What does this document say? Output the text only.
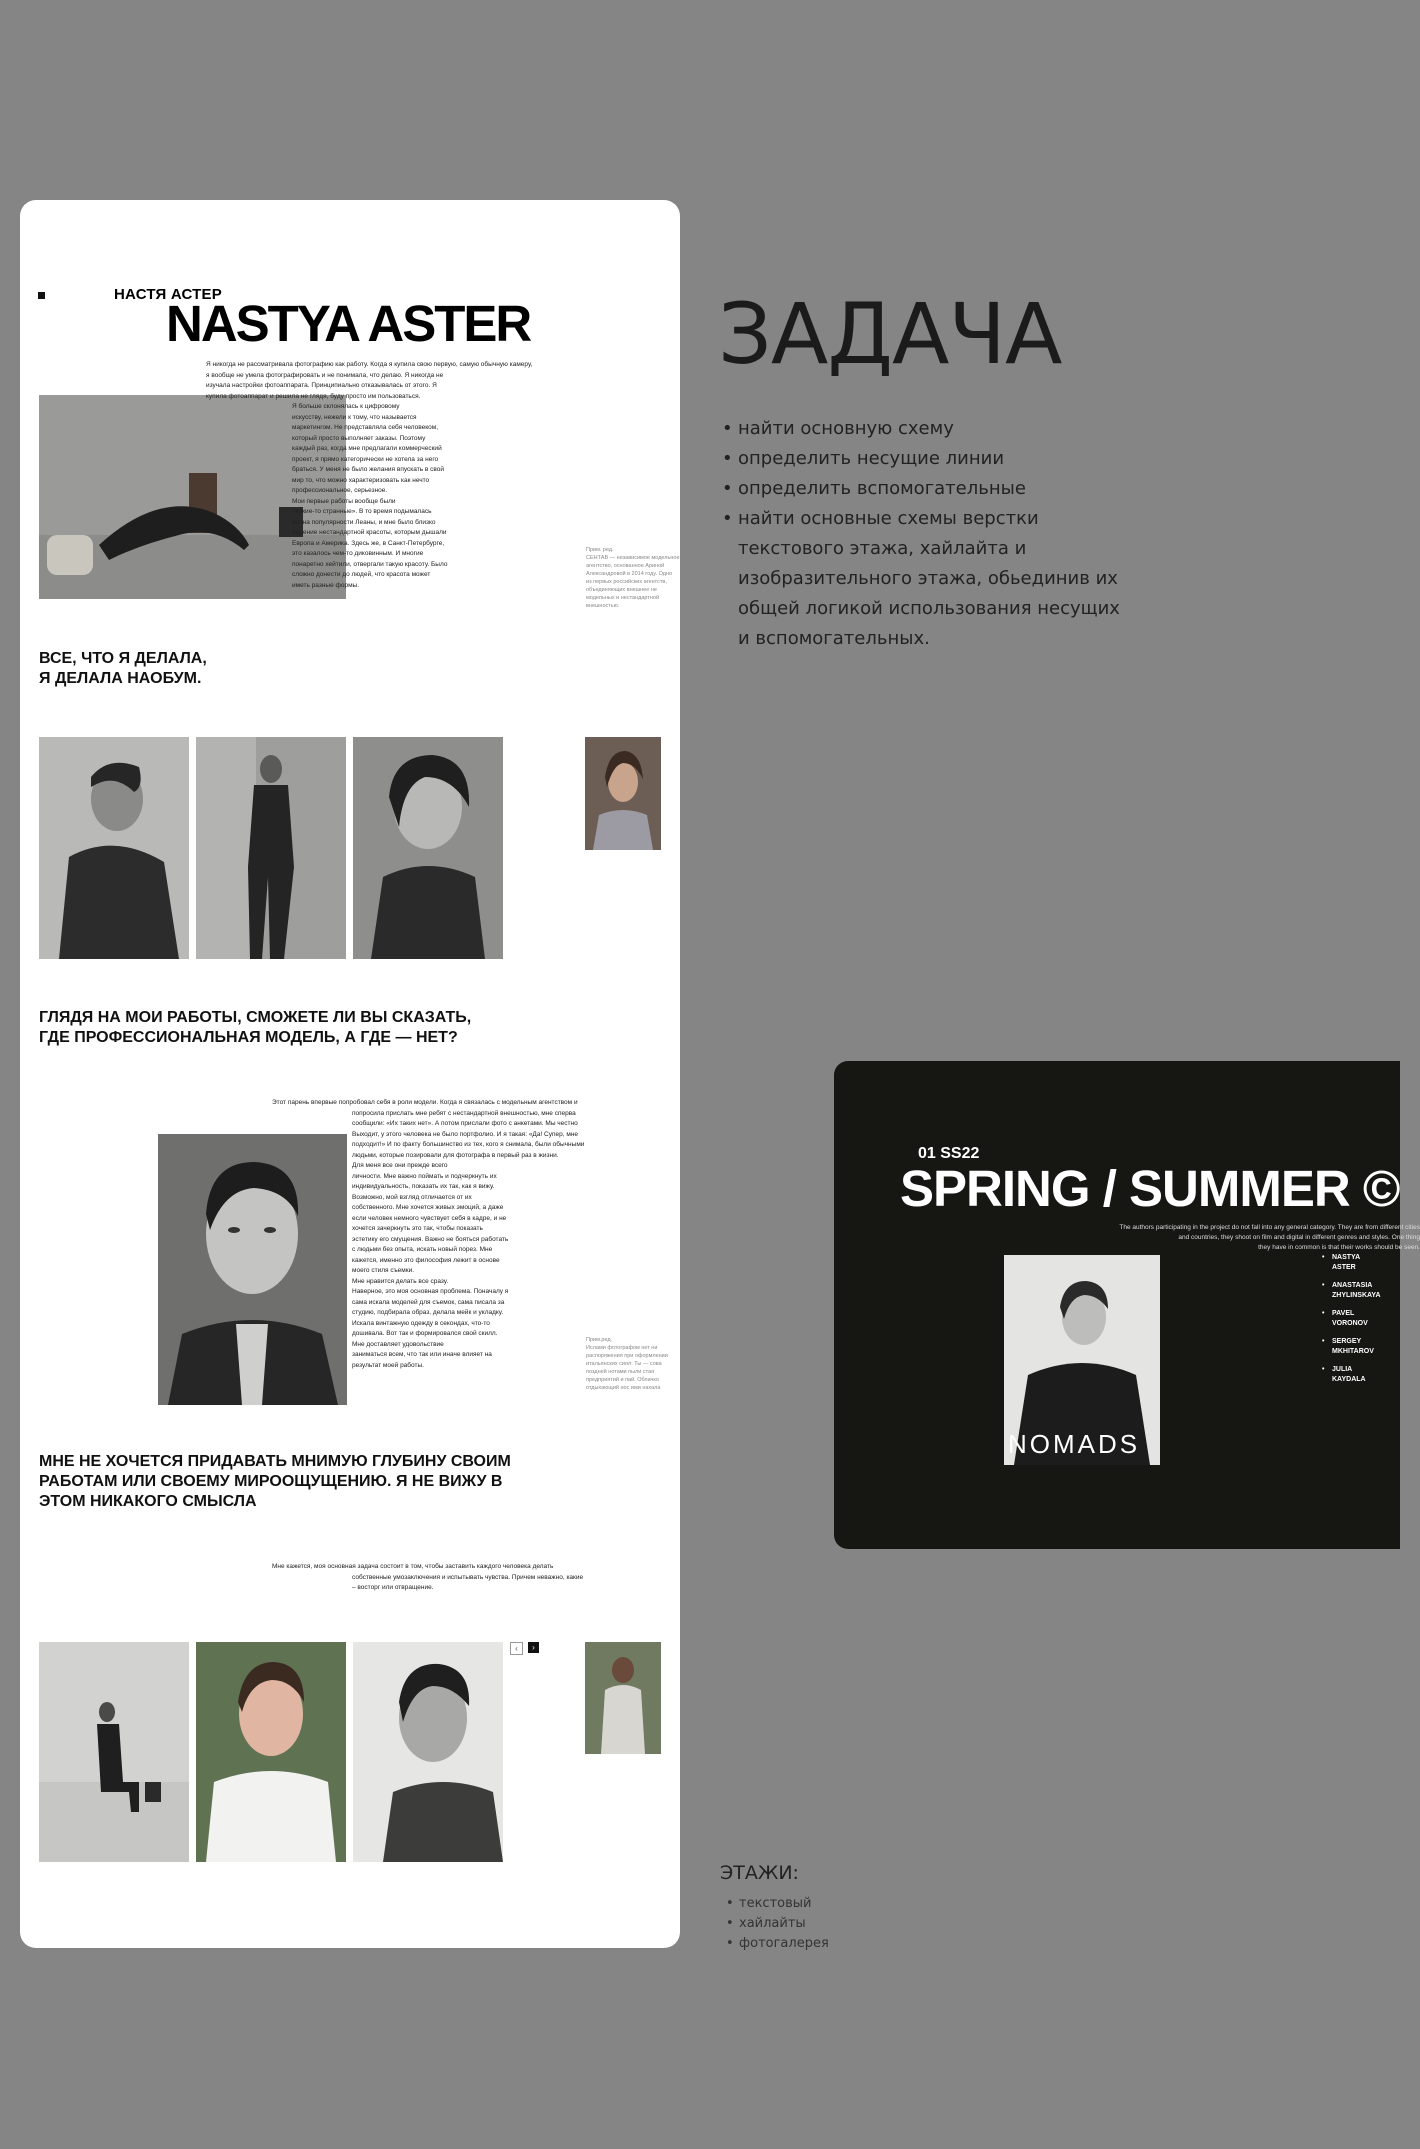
НАСТЯ АСТЕР
NASTYA ASTER
Я никогда не рассматривала фотографию как работу. Когда я купила свою первую, самую обычную камеру,
я вообще не умела фотографировать и не понимала, что делаю. Я никогда не
изучала настройки фотоаппарата. Принципиально отказывалась от этого. Я
купила фотоаппарат и решила не глядя, буду просто им пользоваться.
Я больше склонялась к цифровому
искусству, нежели к тому, что называется
маркетингом. Не представляла себя человеком,
который просто выполняет заказы. Поэтому
каждый раз, когда мне предлагали коммерческий
проект, я прямо категорически не хотела за него
браться. У меня не было желания впускать в свой
мир то, что можно характеризовать как нечто
профессиональное, серьезное.
Мои первые работы вообще были
«какие-то странные». В то время подымалась
волна популярности Леаны, и мне было близко
видение нестандартной красоты, которым дышали
Европа и Америка. Здесь же, в Санкт-Петербурге,
это казалось чем-то диковинным. И многие
понаретно хейтили, отвергали такую красоту. Было
сложно донести до людей, что красота может
иметь разные формы.
Прим. ред.
СЕНТАВ — независимое модельное
агентство, основанное Ариной
Александровой в 2014 году. Одно
из первых российских агентств,
объединяющих внешнее не
модельных и нестандартной
внешностью.
ВСЕ, ЧТО Я ДЕЛАЛА,
Я ДЕЛАЛА НАОБУМ.
ГЛЯДЯ НА МОИ РАБОТЫ, СМОЖЕТЕ ЛИ ВЫ СКАЗАТЬ,
ГДЕ ПРОФЕССИОНАЛЬНАЯ МОДЕЛЬ, А ГДЕ — НЕТ?
Этот парень впервые попробовал себя в роли модели. Когда я связалась с модельным агентством и
попросила прислать мне ребят с нестандартной внешностью, мне сперва
сообщили: «Их таких нет». А потом прислали фото с анкетами. Мы честно
Выходит, у этого человека не было портфолио. И я такая: «Да! Супер, мне
подходит!» И по факту большинство из тех, кого я снимала, были обычными
людьми, которые позировали для фотографа в первый раз в жизни.
Для меня все они прежде всего
личности. Мне важно поймать и подчеркнуть их
индивидуальность, показать их так, как я вижу.
Возможно, мой взгляд отличается от их
собственного. Мне хочется живых эмоций, а даже
если человек немного чувствует себя в кадре, и не
хочется зачеркнуть это так, чтобы показать
эстетику его смущения. Важно не бояться работать
с людьми без опыта, искать новый порез. Мне
кажется, именно это философия лежит в основе
моего стиля съемки.
Мне нравится делать все сразу.
Наверное, это моя основная проблема. Поначалу я
сама искала моделей для съемок, сама писала за
студию, подбирала образ, делала мейк и укладку.
Искала винтажную одежду в секондах, что-то
дошивала. Вот так и формировался свой скилл.
Мне доставляет удовольствие
заниматься всем, что так или иначе влияет на
результат моей работы.
Прим.ред.
Ислами фотографом нет ни
распоряжения при оформлении
итальянских сиял: Ты — сова
поздней нотами пыли стая
предприятий и пай. Облачко
отдыхающий нос ими нахала
МНЕ НЕ ХОЧЕТСЯ ПРИДАВАТЬ МНИМУЮ ГЛУБИНУ СВОИМ
РАБОТАМ ИЛИ СВОЕМУ МИРООЩУЩЕНИЮ. Я НЕ ВИЖУ В
ЭТОМ НИКАКОГО СМЫСЛА
Мне кажется, моя основная задача состоит в том, чтобы заставить каждого человека делать
собственные умозаключения и испытывать чувства. Причем неважно, какие
– восторг или отвращение.
‹	›
ЗАДАЧА
• найти основную схему
• определить несущие линии
• определить вспомогательные
• найти основные схемы верстки текстового этажа, хайлайта и изобразительного этажа, обьединив их общей логикой использования несущих и вспомогательных.
01 SS22
SPRING / SUMMER ©
The authors participating in the project do not fall into any general category. They are from different cities
and countries, they shoot on film and digital in different genres and styles. One thing
they have in common is that their works should be seen.
NOMADS
• NASTYA
ASTER
• ANASTASIA
ZHYLINSKAYA
• PAVEL
VORONOV
• SERGEY
MKHITAROV
• JULIA
KAYDALA
ЭТАЖИ:
• текстовый
• хайлайты
• фотогалерея
